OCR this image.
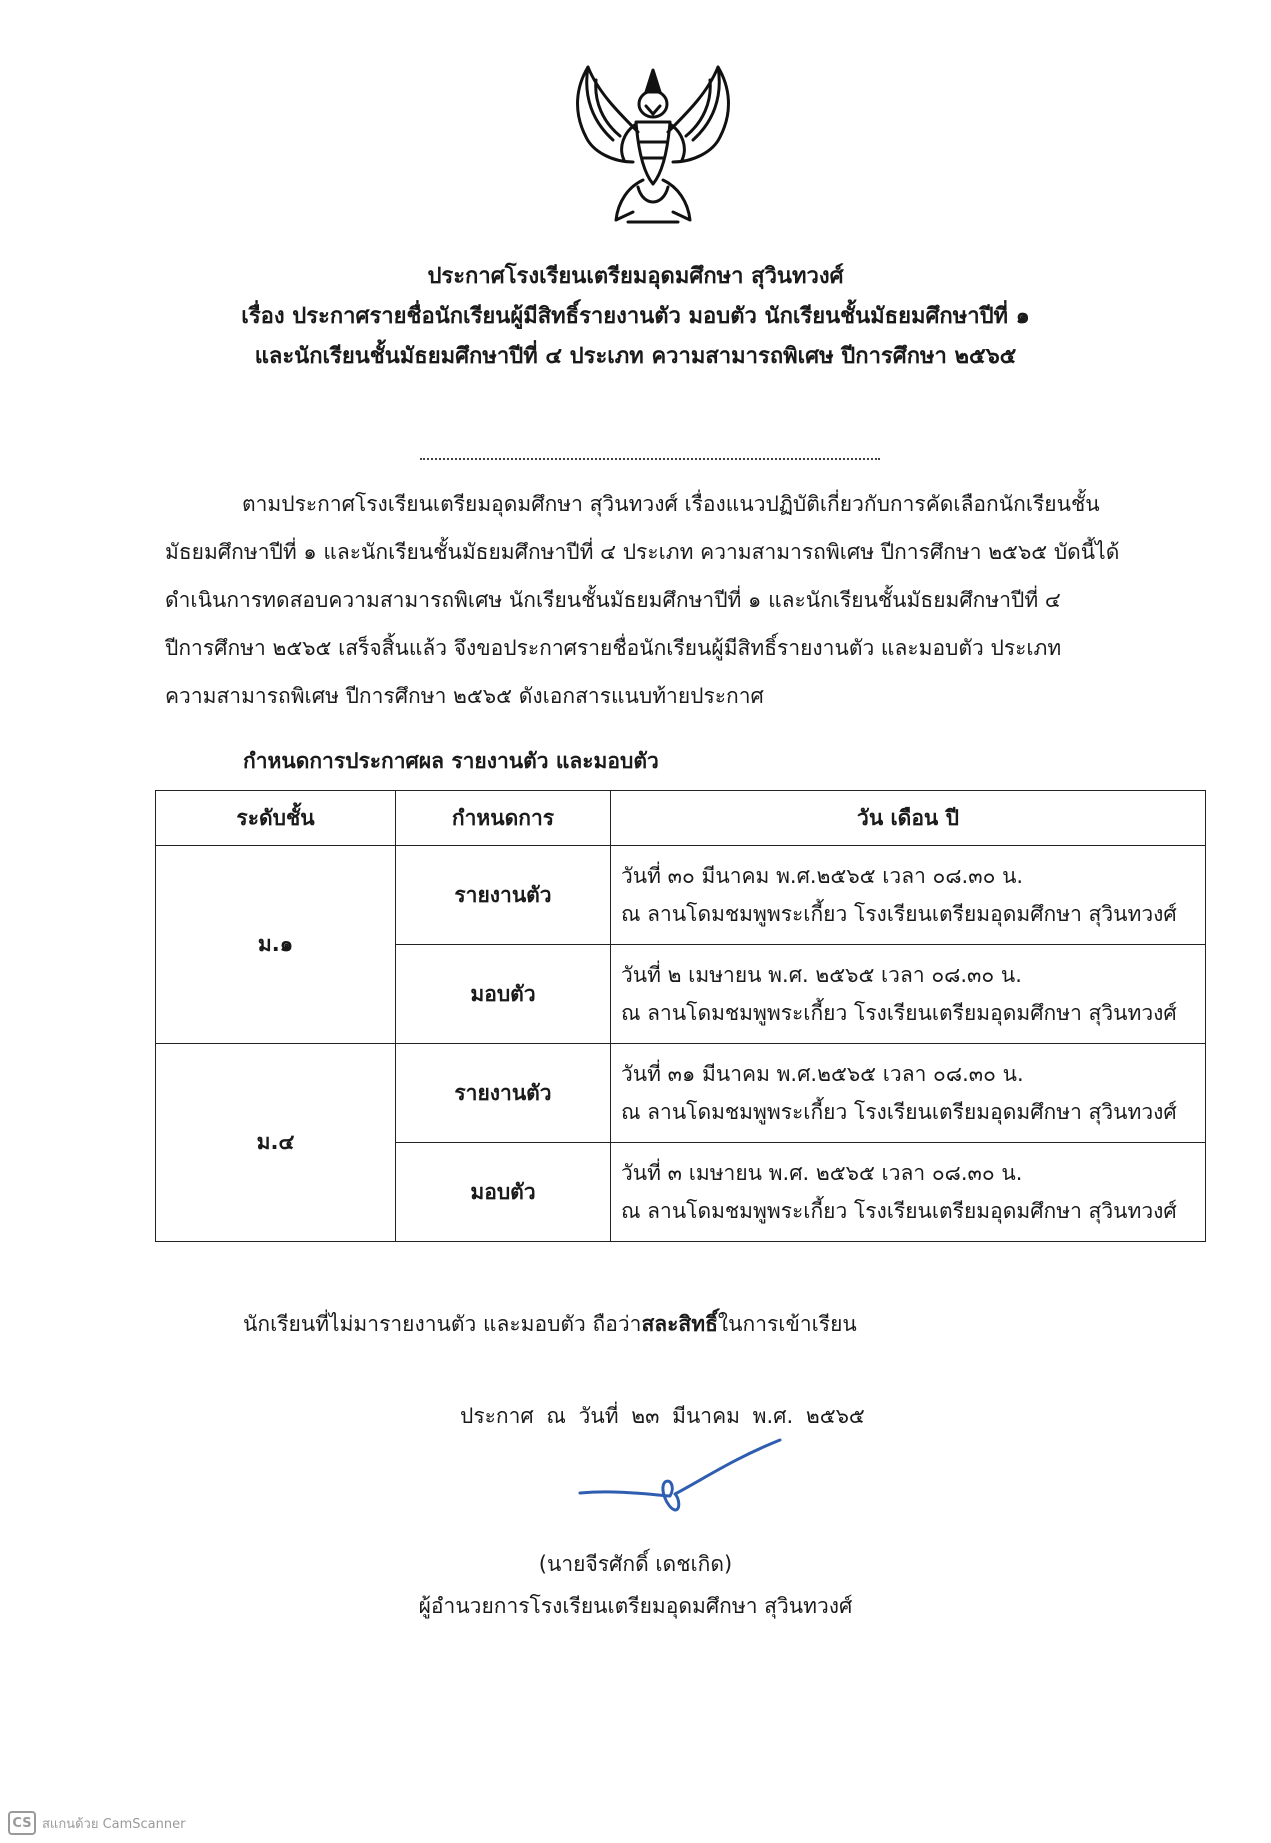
ประกาศโรงเรียนเตรียมอุดมศึกษา สุวินทวงศ์
เรื่อง ประกาศรายชื่อนักเรียนผู้มีสิทธิ์รายงานตัว มอบตัว นักเรียนชั้นมัธยมศึกษาปีที่ ๑
และนักเรียนชั้นมัธยมศึกษาปีที่ ๔ ประเภท ความสามารถพิเศษ ปีการศึกษา ๒๕๖๕
ตามประกาศโรงเรียนเตรียมอุดมศึกษา สุวินทวงศ์ เรื่องแนวปฏิบัติเกี่ยวกับการคัดเลือกนักเรียนชั้น
มัธยมศึกษาปีที่ ๑ และนักเรียนชั้นมัธยมศึกษาปีที่ ๔ ประเภท ความสามารถพิเศษ ปีการศึกษา ๒๕๖๕ บัดนี้ได้
ดำเนินการทดสอบความสามารถพิเศษ นักเรียนชั้นมัธยมศึกษาปีที่ ๑ และนักเรียนชั้นมัธยมศึกษาปีที่ ๔
ปีการศึกษา ๒๕๖๕ เสร็จสิ้นแล้ว จึงขอประกาศรายชื่อนักเรียนผู้มีสิทธิ์รายงานตัว และมอบตัว ประเภท
ความสามารถพิเศษ ปีการศึกษา ๒๕๖๕ ดังเอกสารแนบท้ายประกาศ
กำหนดการประกาศผล รายงานตัว และมอบตัว
ระดับชั้น	กำหนดการ	วัน เดือน ปี
ม.๑	รายงานตัว	วันที่ ๓๐ มีนาคม พ.ศ.๒๕๖๕ เวลา ๐๘.๓๐ น.
ณ ลานโดมชมพูพระเกี้ยว โรงเรียนเตรียมอุดมศึกษา สุวินทวงศ์

	มอบตัว	วันที่ ๒ เมษายน พ.ศ. ๒๕๖๕ เวลา ๐๘.๓๐ น.
ณ ลานโดมชมพูพระเกี้ยว โรงเรียนเตรียมอุดมศึกษา สุวินทวงศ์

ม.๔	รายงานตัว	วันที่ ๓๑ มีนาคม พ.ศ.๒๕๖๕ เวลา ๐๘.๓๐ น.
ณ ลานโดมชมพูพระเกี้ยว โรงเรียนเตรียมอุดมศึกษา สุวินทวงศ์

	มอบตัว	วันที่ ๓ เมษายน พ.ศ. ๒๕๖๕ เวลา ๐๘.๓๐ น.
ณ ลานโดมชมพูพระเกี้ยว โรงเรียนเตรียมอุดมศึกษา สุวินทวงศ์
นักเรียนที่ไม่มารายงานตัว และมอบตัว ถือว่าสละสิทธิ์ในการเข้าเรียน
ประกาศ ณ วันที่ ๒๓ มีนาคม พ.ศ. ๒๕๖๕
(นายจีรศักดิ์ เดชเกิด)
ผู้อำนวยการโรงเรียนเตรียมอุดมศึกษา สุวินทวงศ์
CS สแกนด้วย CamScanner
